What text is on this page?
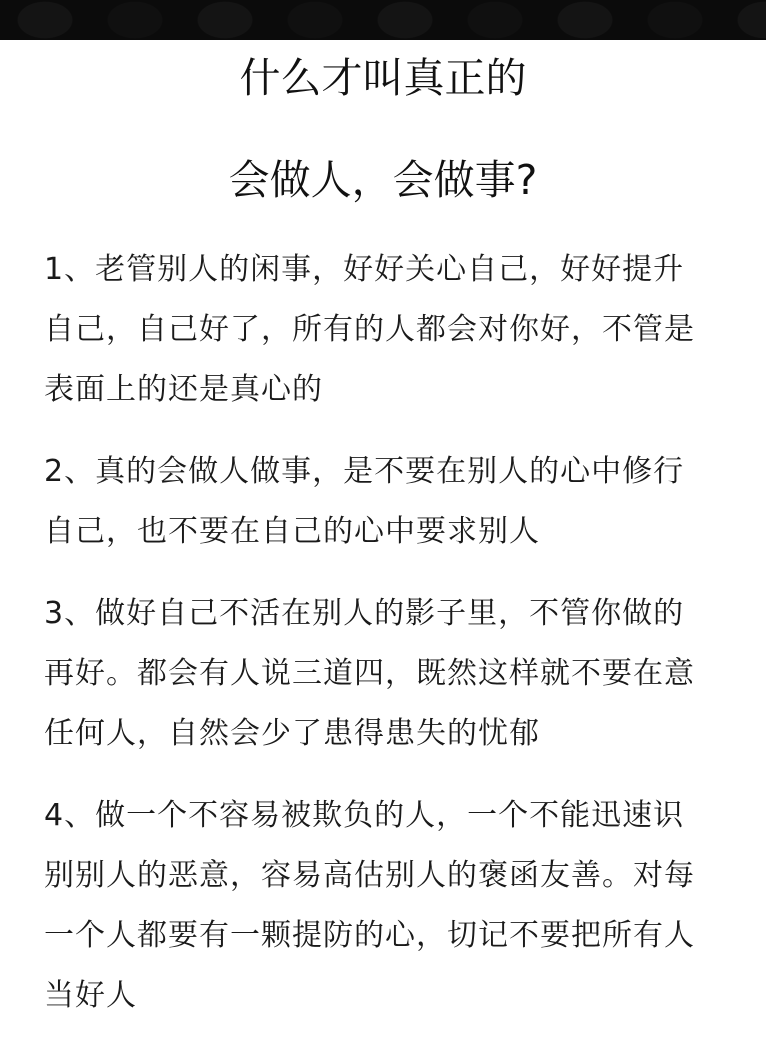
什么才叫真正的
会做人，会做事?
1、老管别人的闲事，好好关心自己，好好提升
自己，自己好了，所有的人都会对你好，不管是
表面上的还是真心的
2、真的会做人做事，是不要在别人的心中修行
自己，也不要在自己的心中要求别人
3、做好自己不活在别人的影子里，不管你做的
再好。都会有人说三道四，既然这样就不要在意
任何人，自然会少了患得患失的忧郁
4、做一个不容易被欺负的人，一个不能迅速识
别别人的恶意，容易高估别人的褒函友善。对每
一个人都要有一颗提防的心，切记不要把所有人
当好人
